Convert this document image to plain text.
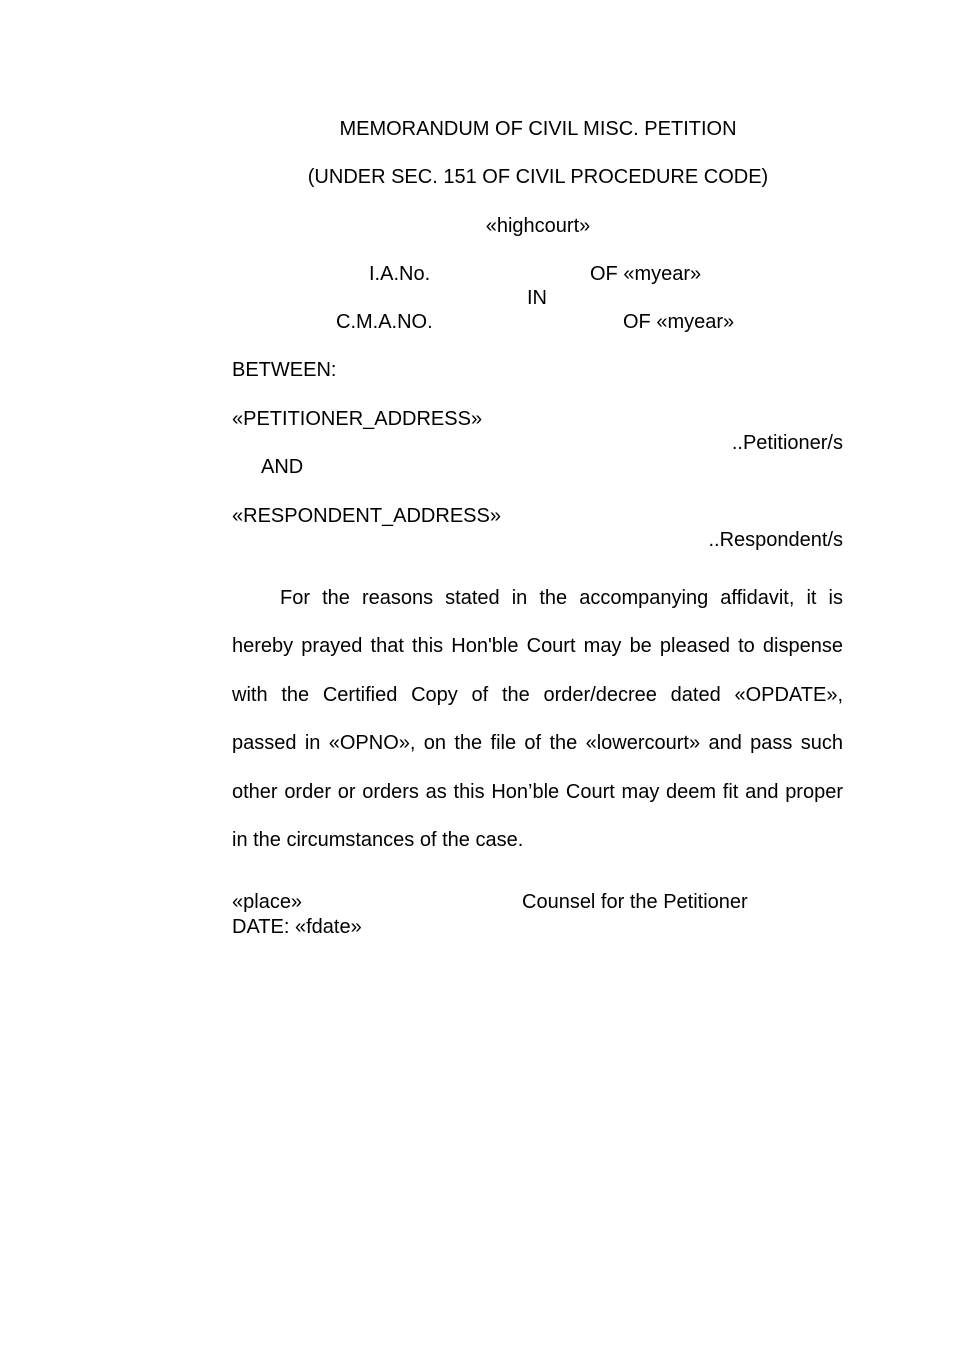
MEMORANDUM OF CIVIL MISC. PETITION
(UNDER SEC. 151 OF CIVIL PROCEDURE CODE)
«highcourt»
I.A.No.	OF «myear»
IN
C.M.A.NO.	OF «myear»
BETWEEN:
«PETITIONER_ADDRESS»
..Petitioner/s
AND
«RESPONDENT_ADDRESS»
..Respondent/s
For the reasons stated in the accompanying affidavit, it is hereby prayed that this Hon'ble Court may be pleased to dispense with the Certified Copy of the order/decree dated «OPDATE», passed in «OPNO», on the file of the «lowercourt» and pass such other order or orders as this Hon’ble Court may deem fit and proper in the circumstances of the case.
«place»	Counsel for the Petitioner
DATE: «fdate»
